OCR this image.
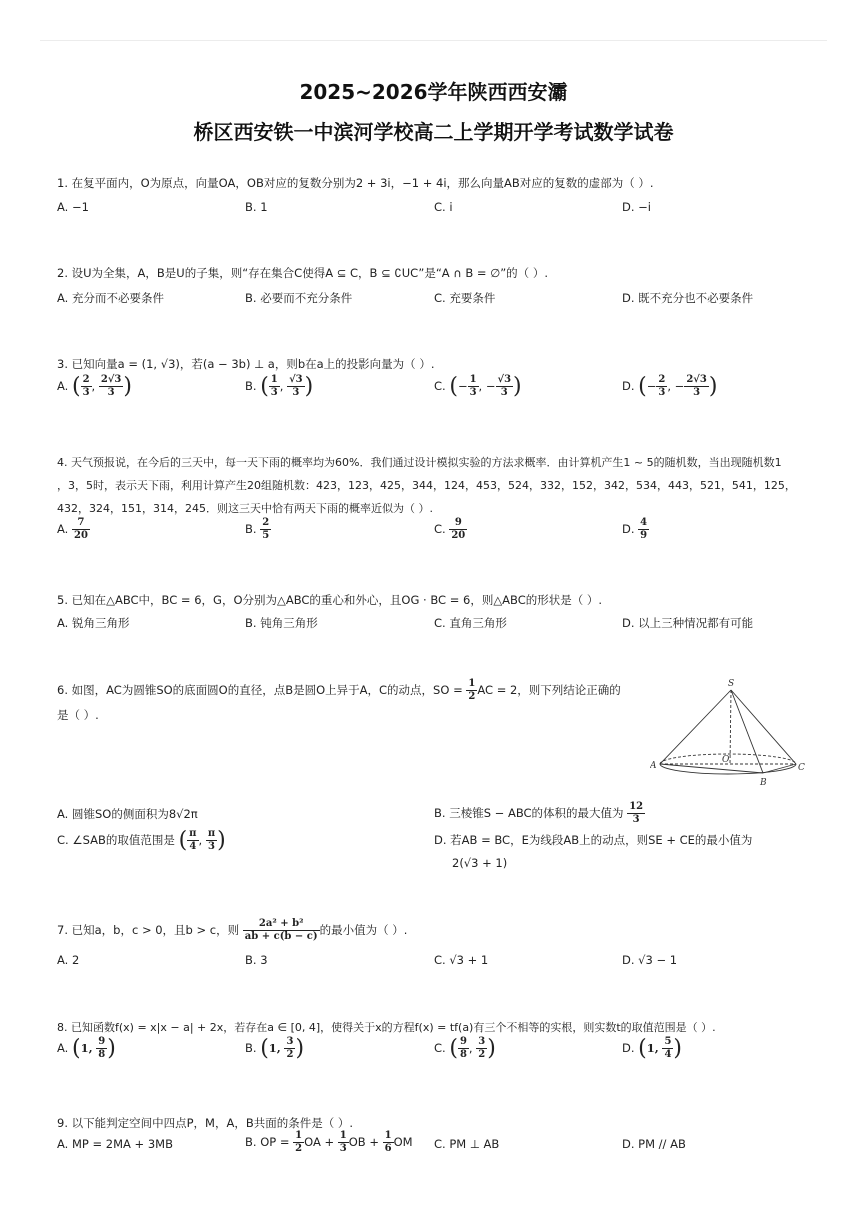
2025~2026学年陕西西安灞
桥区西安铁一中滨河学校高二上学期开学考试数学试卷
1. 在复平面内，O为原点，向量OA，OB对应的复数分别为2 + 3i，−1 + 4i，那么向量AB对应的复数的虚部为（ ）.
A. −1	B. 1	C. i	D. −i
2. 设U为全集，A，B是U的子集，则“存在集合C使得A ⊆ C，B ⊆ ∁UC”是“A ∩ B = ∅”的（ ）.
A. 充分而不必要条件	B. 必要而不充分条件	C. 充要条件	D. 既不充分也不必要条件
3. 已知向量a = (1, √3)，若(a − 3b) ⊥ a，则b在a上的投影向量为（ ）.
A. ( $\frac{2}{3}$ , $\frac{2√3}{3}$ )	B. ( $\frac{1}{3}$ , $\frac{√3}{3}$ )	C. (− $\frac{1}{3}$ , − $\frac{√3}{3}$ )	D. (− $\frac{2}{3}$ , − $\frac{2√3}{3}$ )
4. 天气预报说，在今后的三天中，每一天下雨的概率均为60%．我们通过设计模拟实验的方法求概率．由计算机产生1 ~ 5的随机数，当出现随机数1
，3，5时，表示天下雨，利用计算产生20组随机数：423，123，425，344，124，453，524，332，152，342，534，443，521，541，125，
432，324，151，314，245．则这三天中恰有两天下雨的概率近似为（ ）.
A. $\frac{7}{20}$	B. $\frac{2}{5}$	C. $\frac{9}{20}$	D. $\frac{4}{9}$
5. 已知在△ABC中，BC = 6，G，O分别为△ABC的重心和外心，且OG · BC = 6，则△ABC的形状是（ ）.
A. 锐角三角形	B. 钝角三角形	C. 直角三角形	D. 以上三种情况都有可能
6. 如图，AC为圆锥SO的底面圆O的直径，点B是圆O上异于A，C的动点，SO = $\frac{1}{2}$ AC = 2，则下列结论正确的
是（ ）.
S
A
O
C
B
A. 圆锥SO的侧面积为8√2π	B. 三棱锥S − ABC的体积的最大值为 $\frac{12}{3}$
C. ∠SAB的取值范围是 ( $\frac{\pi}{4}$ , $\frac{\pi}{3}$ )	D. 若AB = BC，E为线段AB上的动点，则SE + CE的最小值为
2(√3 + 1)
7. 已知a，b，c > 0，且b > c，则 $\frac{\text{2a² + b²}}{ab + c(b - c)}$ 的最小值为（ ）.
A. 2	B. 3	C. √3 + 1	D. √3 − 1
8. 已知函数f(x) = x|x − a| + 2x，若存在a ∈ [0, 4]，使得关于x的方程f(x) = tf(a)有三个不相等的实根，则实数t的取值范围是（ ）.
A. (1, $\frac{9}{8}$ )	B. (1, $\frac{3}{2}$ )	C. ( $\frac{9}{8}$ , $\frac{3}{2}$ )	D. (1, $\frac{5}{4}$ )
9. 以下能判定空间中四点P，M，A，B共面的条件是（ ）.
A. MP = 2MA + 3MB	B. OP = $\frac{1}{2}$ OA + $\frac{1}{3}$ OB + $\frac{1}{6}$ OM C. PM ⊥ AB	D. PM // AB
